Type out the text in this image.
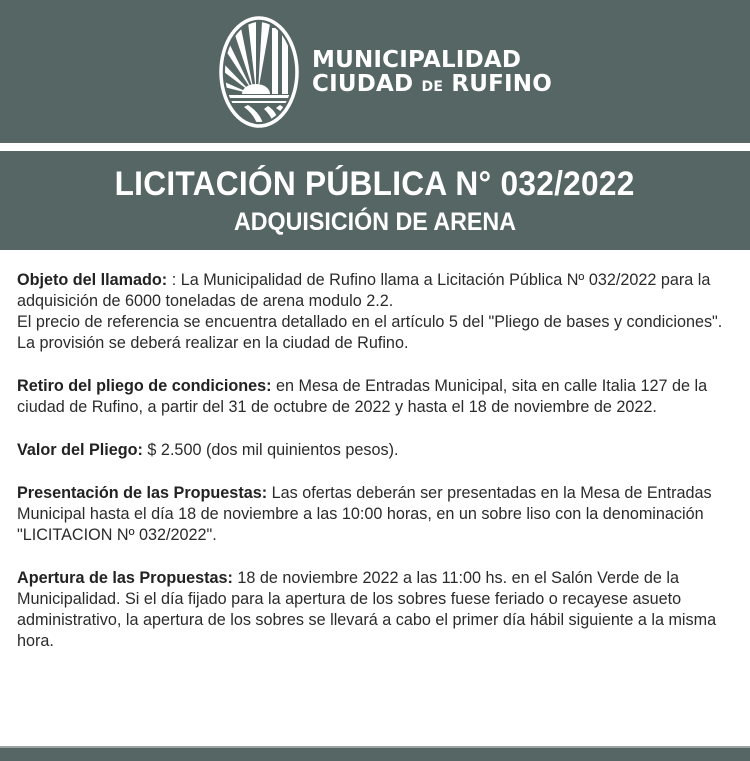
MUNICIPALIDAD
CIUDAD DE RUFINO
LICITACIÓN PÚBLICA N° 032/2022
ADQUISICIÓN DE ARENA

Objeto del llamado: : La Municipalidad de Rufino llama a Licitación Pública Nº 032/2022 para la adquisición de 6000 toneladas de arena modulo 2.2.
El precio de referencia se encuentra detallado en el artículo 5 del "Pliego de bases y condiciones". La provisión se deberá realizar en la ciudad de Rufino.

Retiro del pliego de condiciones: en Mesa de Entradas Municipal, sita en calle Italia 127 de la ciudad de Rufino, a partir del 31 de octubre de 2022 y hasta el 18 de noviembre de 2022.

Valor del Pliego: $ 2.500 (dos mil quinientos pesos).

Presentación de las Propuestas: Las ofertas deberán ser presentadas en la Mesa de Entradas Municipal hasta el día 18 de noviembre a las 10:00 horas, en un sobre liso con la denominación "LICITACION Nº 032/2022".

Apertura de las Propuestas: 18 de noviembre 2022 a las 11:00 hs. en el Salón Verde de la Municipalidad. Si el día fijado para la apertura de los sobres fuese feriado o recayese asueto administrativo, la apertura de los sobres se llevará a cabo el primer día hábil siguiente a la misma hora.
